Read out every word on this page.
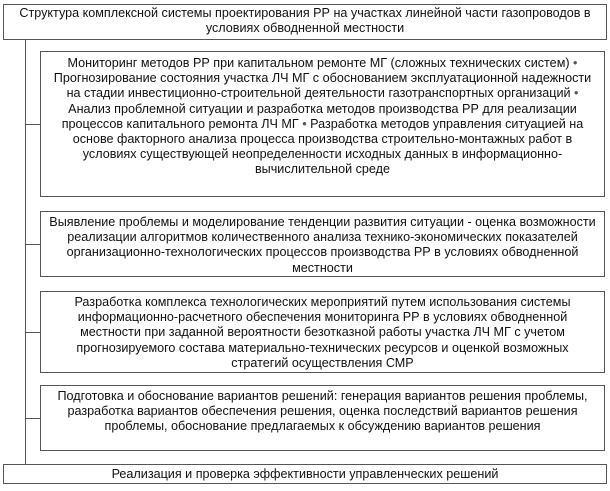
Структура комплексной системы проектирования РР на участках линейной части газопроводов в условиях обводненной местности
Мониторинг методов РР при капитальном ремонте МГ (сложных технических систем) • Прогнозирование состояния участка ЛЧ МГ с обоснованием эксплуатационной надежности на стадии инвестиционно-строительной деятельности газотранспортных организаций • Анализ проблемной ситуации и разработка методов производства РР для реализации процессов капитального ремонта ЛЧ МГ • Разработка методов управления ситуацией на основе факторного анализа процесса производства строительно-монтажных работ в условиях существующей неопределенности исходных данных в информационно-вычислительной среде
Выявление проблемы и моделирование тенденции развития ситуации - оценка возможности реализации алгоритмов количественного анализа технико-экономических показателей организационно-технологических процессов производства РР в условиях обводненной местности
Разработка комплекса технологических мероприятий путем использования системы информационно-расчетного обеспечения мониторинга РР в условиях обводненной местности при заданной вероятности безотказной работы участка ЛЧ МГ с учетом прогнозируемого состава материально-технических ресурсов и оценкой возможных стратегий осуществления СМР
Подготовка и обоснование вариантов решений: генерация вариантов решения проблемы, разработка вариантов обеспечения решения, оценка последствий вариантов решения проблемы, обоснование предлагаемых к обсуждению вариантов решения
Реализация и проверка эффективности управленческих решений
